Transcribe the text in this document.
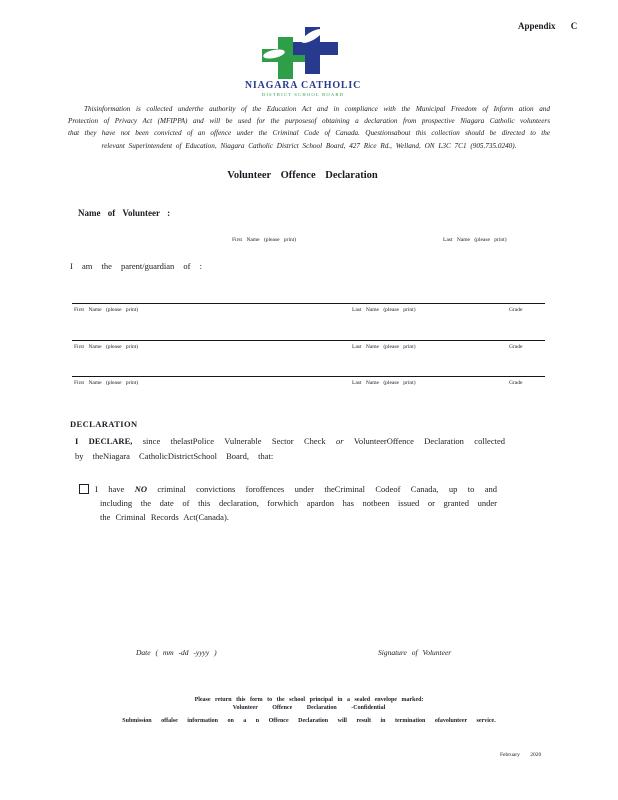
Appendix C
NIAGARA CATHOLIC
DISTRICT SCHOOL BOARD
Thisinformation is collected underthe authority of the Education Act and in compliance with the Municipal Freedom of Inform ation and
Protection of Privacy Act (MFIPPA) and will be used for the purposesof obtaining a declaration from prospective Niagara Catholic volunteers
that they have not been convicted of an offence under the Criminal Code of Canada. Questionsabout this collection should be directed to the
relevant Superintendent of Education, Niagara Catholic District School Board, 427 Rice Rd., Welland, ON L3C 7C1 (905.735.0240).
Volunteer Offence Declaration
Name of Volunteer :
First Name (please print)	Last Name (please print)
I am the parent/guardian of :
First Name (please print)	Last Name (please print)	Grade
First Name (please print)	Last Name (please print)	Grade
First Name (please print)	Last Name (please print)	Grade
DECLARATION
I DECLARE, since thelastPolice Vulnerable Sector Check or VolunteerOffence Declaration collected
by theNiagara CatholicDistrictSchool Board, that:
I have NO criminal convictions foroffences under theCriminal Codeof Canada, up to and
including the date of this declaration, forwhich apardon has notbeen issued or granted under
the Criminal Records Act(Canada).
Date ( mm -dd -yyyy )	Signature of Volunteer
Please return this form to the school principal in a sealed envelope marked:
Volunteer Offence Declaration -Confidential
Submission offalse information on a n Offence Declaration will result in termination ofavolunteer service.
February 2020
